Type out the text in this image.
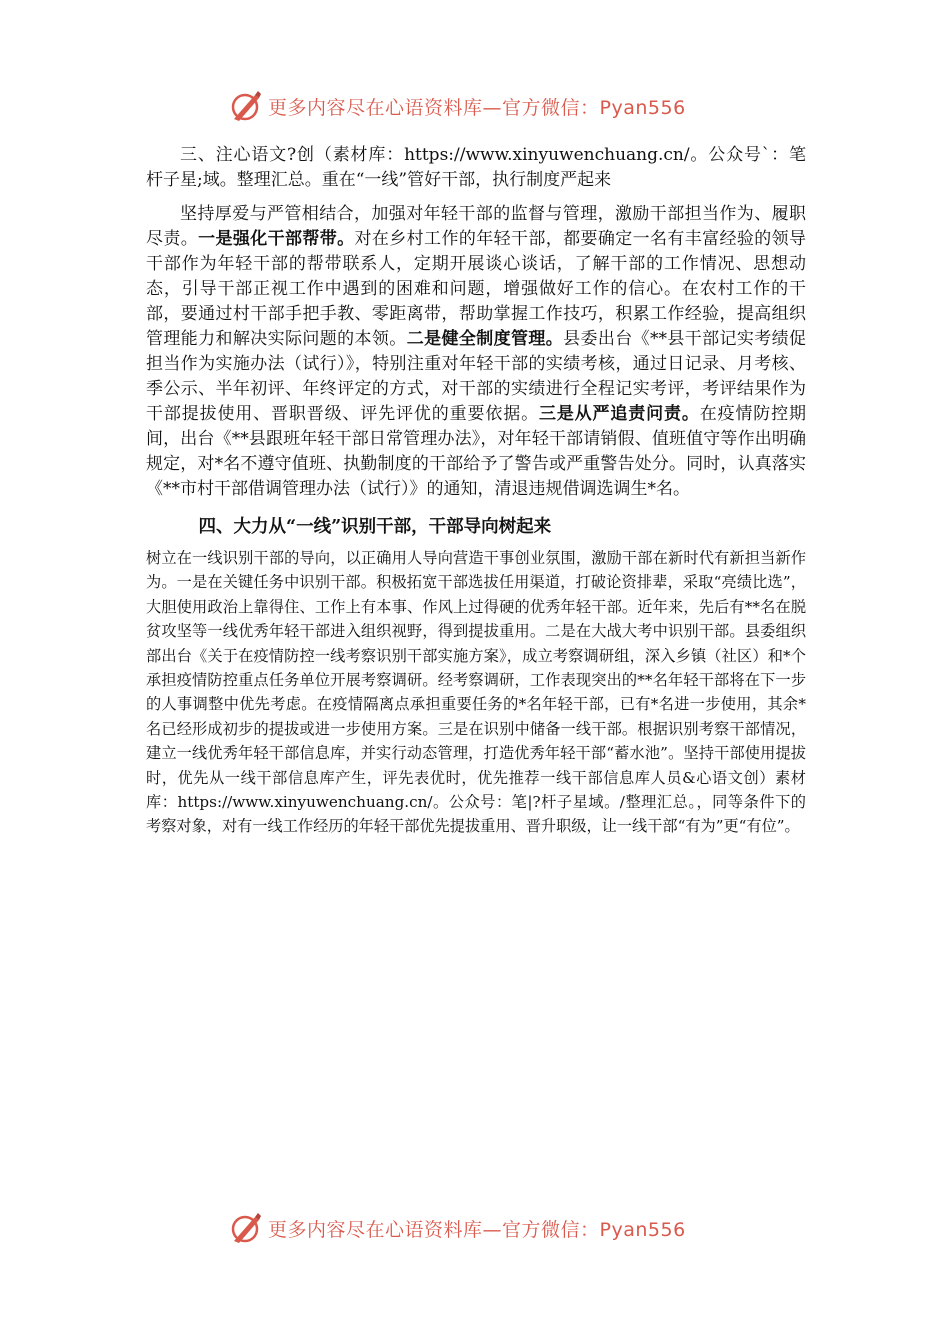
更多内容尽在心语资料库—官方微信：Pyan556

三、注心语文?创（素材库：https://www.xinyuwenchuang.cn/。公众号`：笔杆子星;域。整理汇总。重在“一线”管好干部，执行制度严起来

坚持厚爱与严管相结合，加强对年轻干部的监督与管理，激励干部担当作为、履职尽责。一是强化干部帮带。对在乡村工作的年轻干部，都要确定一名有丰富经验的领导干部作为年轻干部的帮带联系人，定期开展谈心谈话，了解干部的工作情况、思想动态，引导干部正视工作中遇到的困难和问题，增强做好工作的信心。在农村工作的干部，要通过村干部手把手教、零距离带，帮助掌握工作技巧，积累工作经验，提高组织管理能力和解决实际问题的本领。二是健全制度管理。县委出台《**县干部记实考绩促担当作为实施办法（试行）》，特别注重对年轻干部的实绩考核，通过日记录、月考核、季公示、半年初评、年终评定的方式，对干部的实绩进行全程记实考评，考评结果作为干部提拔使用、晋职晋级、评先评优的重要依据。三是从严追责问责。在疫情防控期间，出台《**县跟班年轻干部日常管理办法》，对年轻干部请销假、值班值守等作出明确规定，对*名不遵守值班、执勤制度的干部给予了警告或严重警告处分。同时，认真落实《**市村干部借调管理办法（试行）》的通知，清退违规借调选调生*名。

四、大力从“一线”识别干部，干部导向树起来

树立在一线识别干部的导向，以正确用人导向营造干事创业氛围，激励干部在新时代有新担当新作为。一是在关键任务中识别干部。积极拓宽干部选拔任用渠道，打破论资排辈，采取“亮绩比选”，大胆使用政治上靠得住、工作上有本事、作风上过得硬的优秀年轻干部。近年来，先后有**名在脱贫攻坚等一线优秀年轻干部进入组织视野，得到提拔重用。二是在大战大考中识别干部。县委组织部出台《关于在疫情防控一线考察识别干部实施方案》，成立考察调研组，深入乡镇（社区）和*个承担疫情防控重点任务单位开展考察调研。经考察调研，工作表现突出的**名年轻干部将在下一步的人事调整中优先考虑。在疫情隔离点承担重要任务的*名年轻干部，已有*名进一步使用，其余*名已经形成初步的提拔或进一步使用方案。三是在识别中储备一线干部。根据识别考察干部情况，建立一线优秀年轻干部信息库，并实行动态管理，打造优秀年轻干部“蓄水池”。坚持干部使用提拔时，优先从一线干部信息库产生，评先表优时，优先推荐一线干部信息库人员&心语文创）素材库：https://www.xinyuwenchuang.cn/。公众号：笔|?杆子星域。/整理汇总。，同等条件下的考察对象，对有一线工作经历的年轻干部优先提拔重用、晋升职级，让一线干部“有为”更“有位”。

更多内容尽在心语资料库—官方微信：Pyan556
